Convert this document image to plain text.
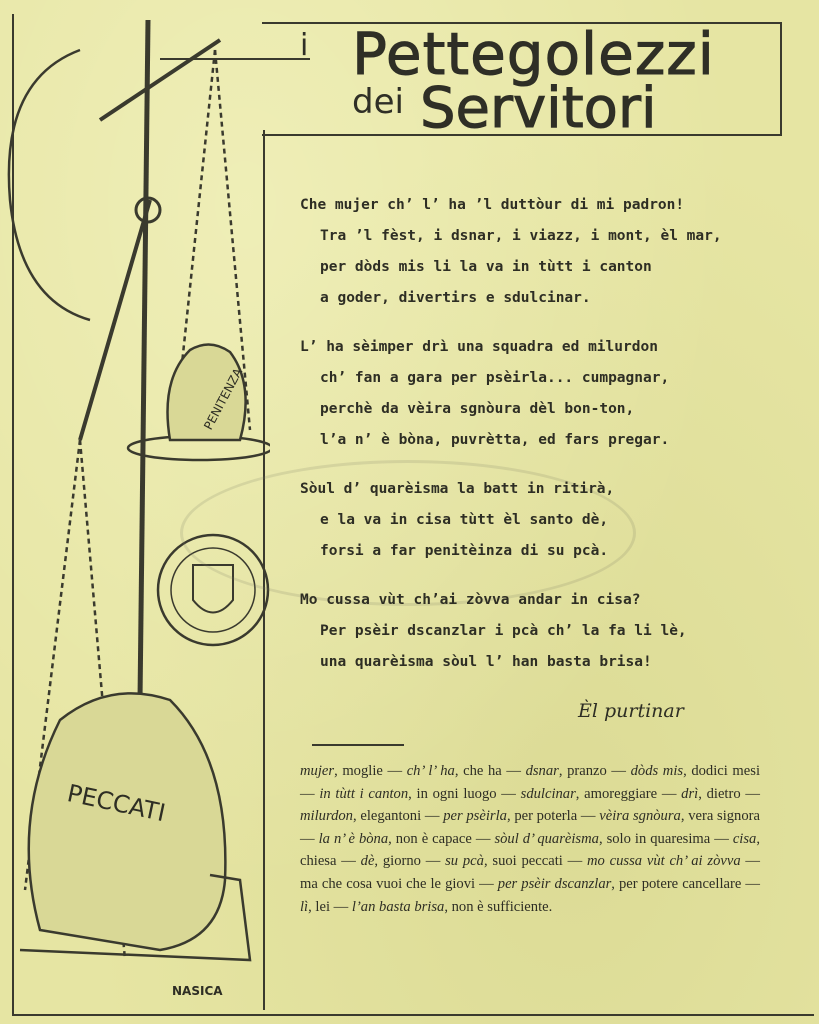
i Pettegolezzi
dei Servitori
PENITENZA
PECCATI
NASICA
Che mujer ch’ l’ ha ’l duttòur di mi padron!
Tra ’l fèst, i dsnar, i viazz, i mont, èl mar,
per dòds mis li la va in tùtt i canton
a goder, divertirs e sdulcinar.
L’ ha sèimper drì una squadra ed milurdon
ch’ fan a gara per psèirla... cumpagnar,
perchè da vèira sgnòura dèl bon-ton,
l’a n’ è bòna, puvrètta, ed fars pregar.
Sòul d’ quarèisma la batt in ritirà,
e la va in cisa tùtt èl santo dè,
forsi a far penitèinza di su pcà.
Mo cussa vùt ch’ai zòvva andar in cisa?
Per psèir dscanzlar i pcà ch’ la fa li lè,
una quarèisma sòul l’ han basta brisa!
Èl purtinar
mujer, moglie — ch’ l’ ha, che ha — dsnar, pranzo — dòds mis, dodici mesi — in tùtt i canton, in ogni luogo — sdulcinar, amoreggiare — drì, dietro — milurdon, elegantoni — per psèirla, per poterla — vèira sgnòura, vera signora — la n’ è bòna, non è capace — sòul d’ quarèisma, solo in quaresima — cisa, chiesa — dè, giorno — su pcà, suoi peccati — mo cussa vùt ch’ ai zòvva — ma che cosa vuoi che le giovi — per psèir dscanzlar, per potere cancellare — lì, lei — l’an basta brisa, non è sufficiente.
